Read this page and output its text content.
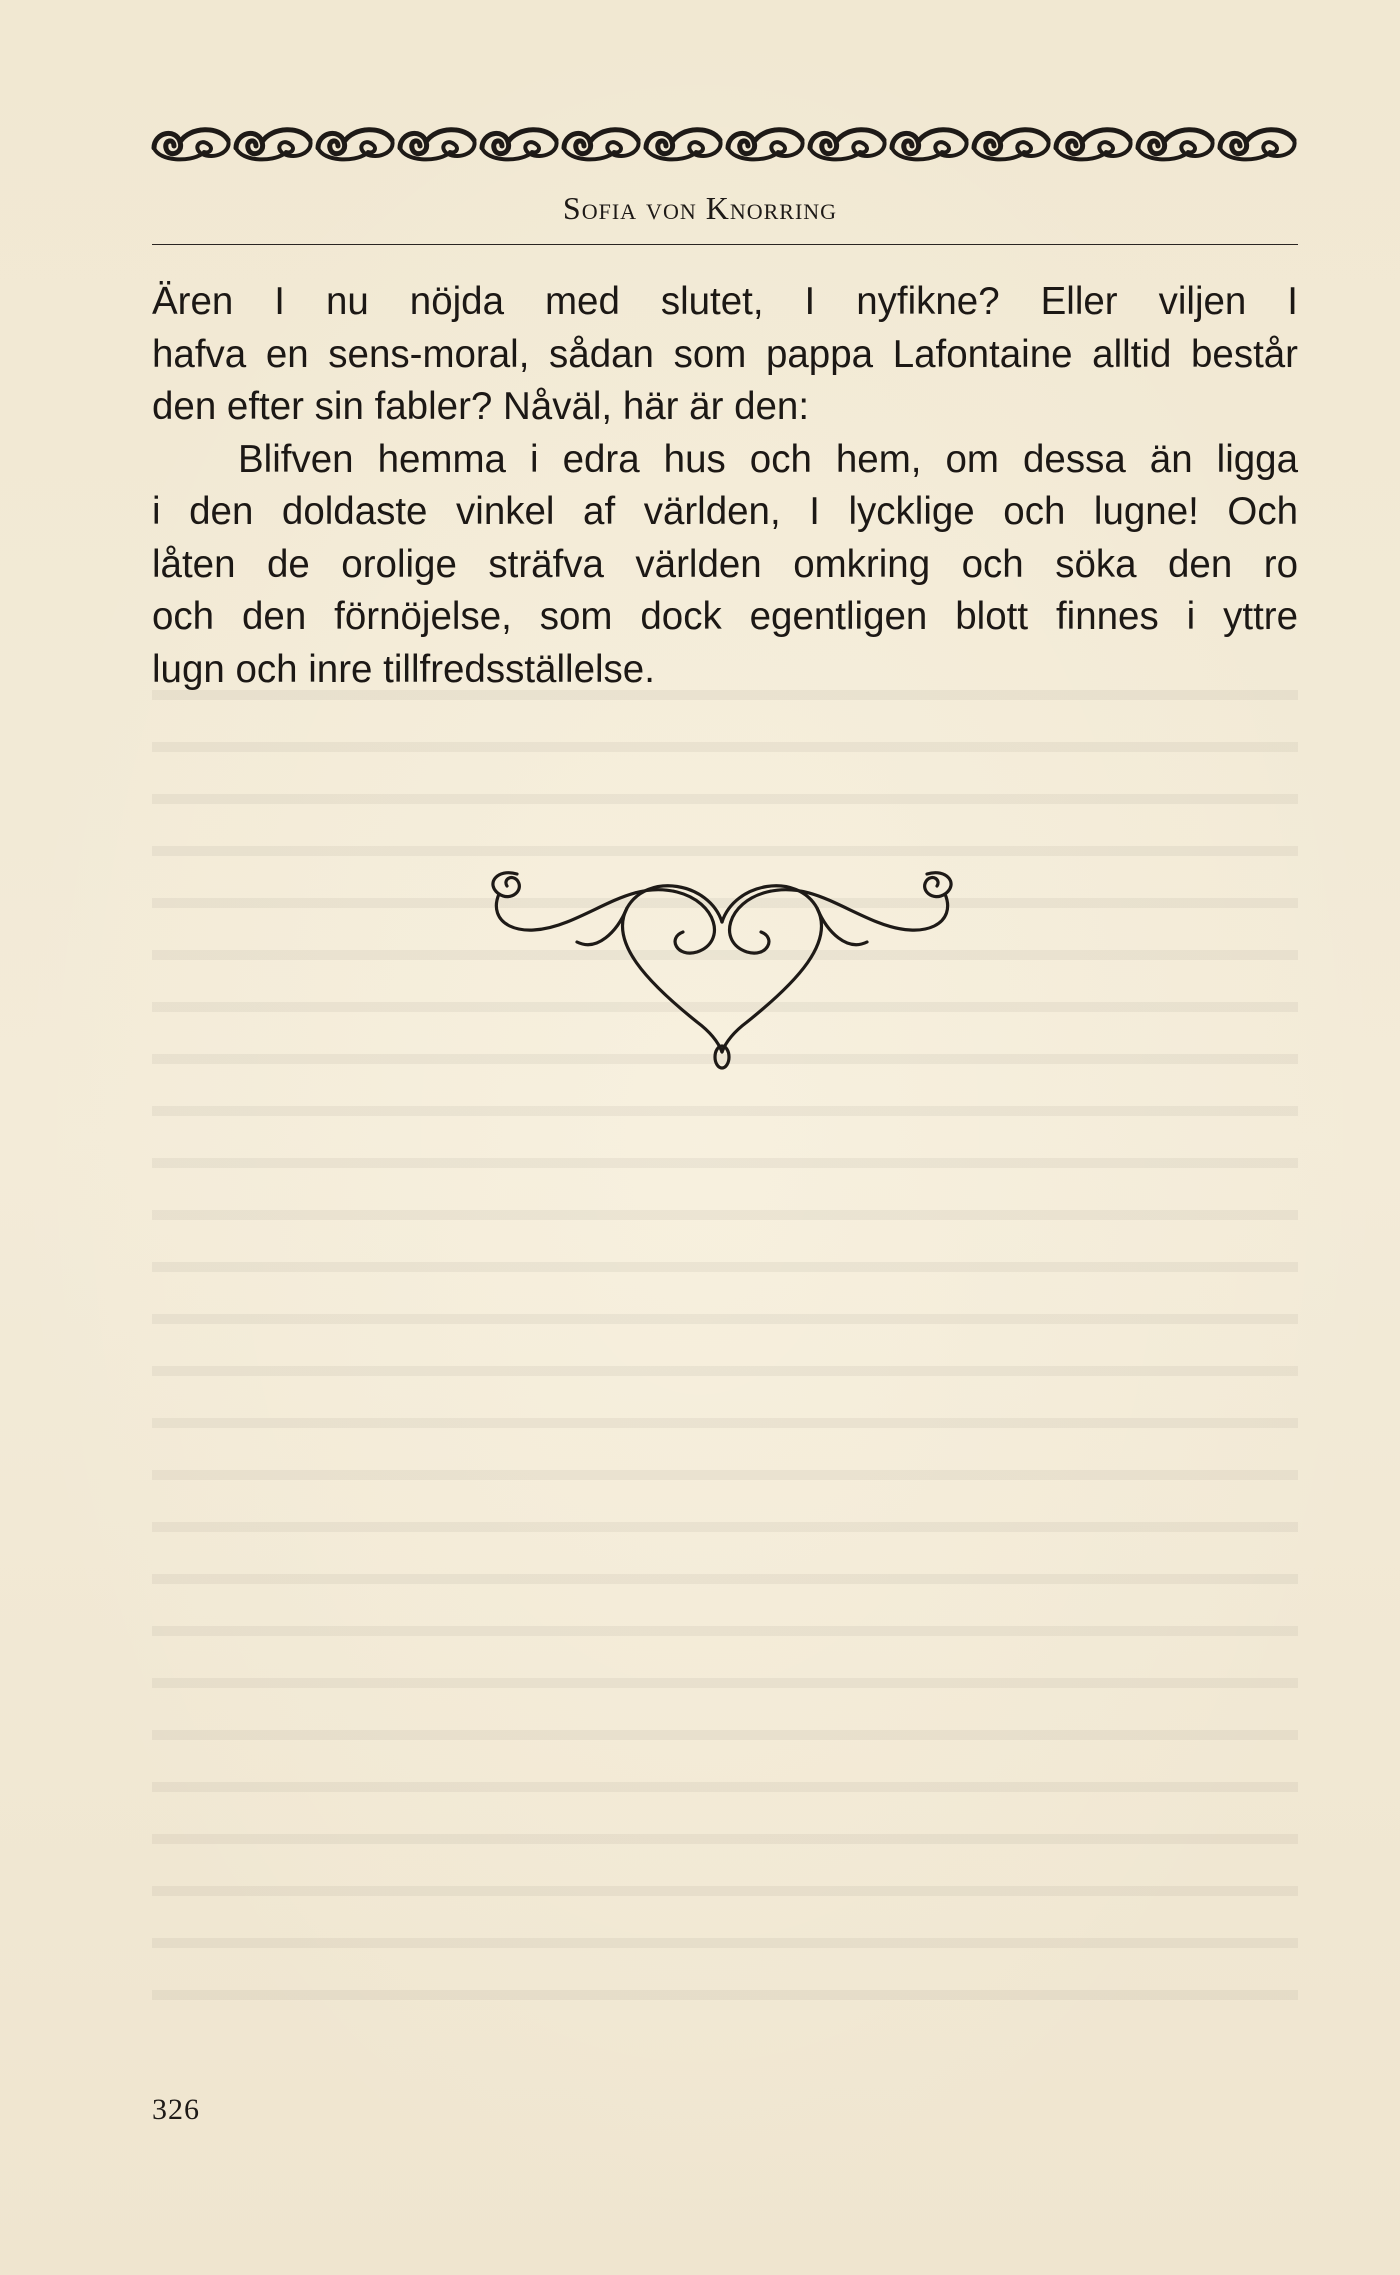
Sofia von Knorring
Ären I nu nöjda med slutet, I nyfikne? Eller viljen I
hafva en sens-moral, sådan som pappa Lafontaine alltid består
den efter sin fabler? Nåväl, här är den:
Blifven hemma i edra hus och hem, om dessa än ligga
i den doldaste vinkel af världen, I lycklige och lugne! Och
låten de orolige sträfva världen omkring och söka den ro
och den förnöjelse, som dock egentligen blott finnes i yttre
lugn och inre tillfredsställelse.
326
